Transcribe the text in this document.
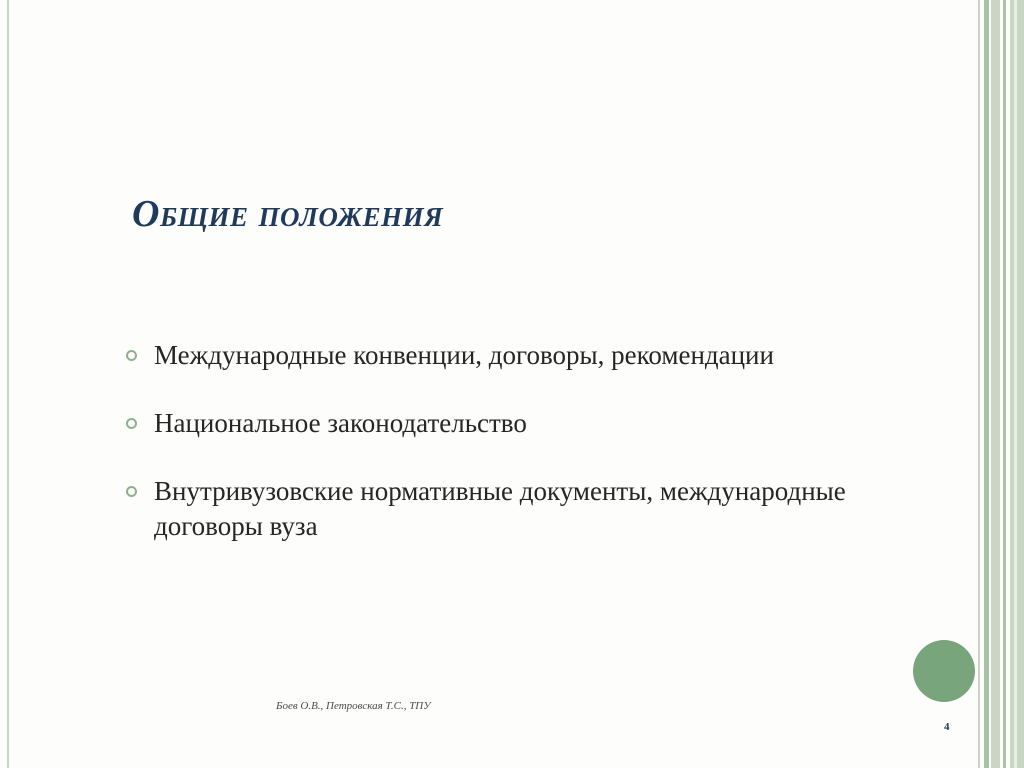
Общие положения
Международные конвенции, договоры, рекомендации
Национальное законодательство
Внутривузовские нормативные документы, международные договоры вуза
Боев О.В., Петровская Т.С., ТПУ
4
